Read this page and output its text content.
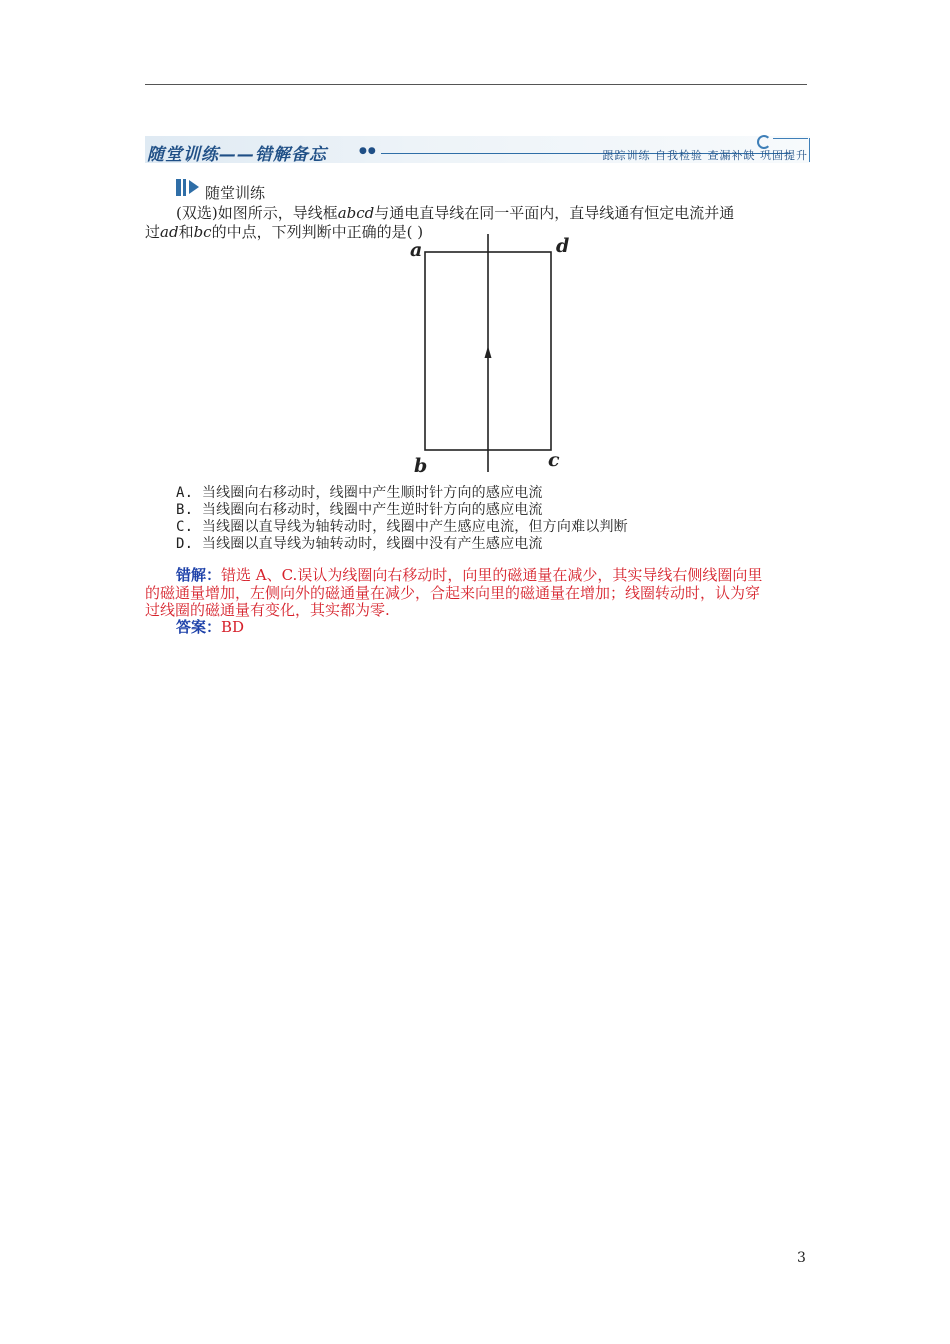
随堂训练——错解备忘	●●	跟踪训练 自我检验 查漏补缺 巩固提升
随堂训练
(双选)如图所示，导线框abcd与通电直导线在同一平面内，直导线通有恒定电流并通
过ad和bc的中点，下列判断中正确的是( )
a	d
b	c
A. 当线圈向右移动时，线圈中产生顺时针方向的感应电流
B. 当线圈向右移动时，线圈中产生逆时针方向的感应电流
C. 当线圈以直导线为轴转动时，线圈中产生感应电流，但方向难以判断
D. 当线圈以直导线为轴转动时，线圈中没有产生感应电流
错解：错选 A、C.误认为线圈向右移动时，向里的磁通量在减少，其实导线右侧线圈向里
的磁通量增加，左侧向外的磁通量在减少，合起来向里的磁通量在增加；线圈转动时，认为穿
过线圈的磁通量有变化，其实都为零.
答案：BD
3
